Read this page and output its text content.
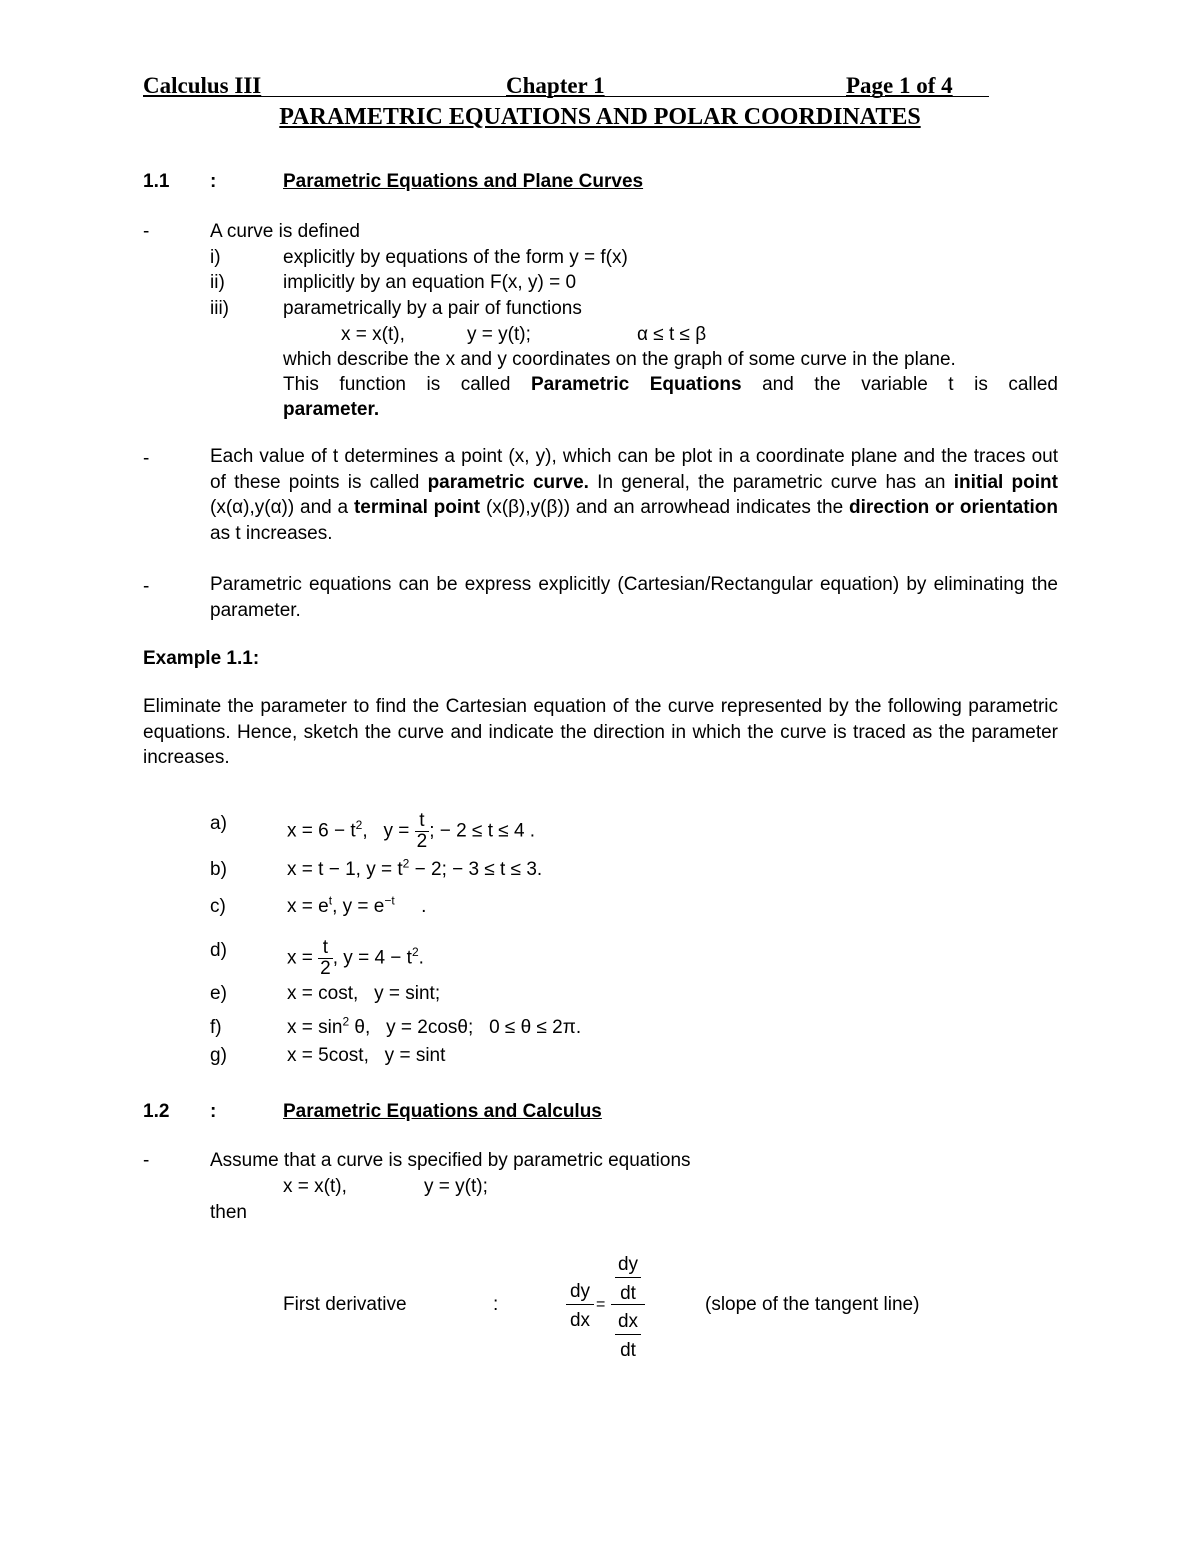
Calculus III	Chapter 1	Page 1 of 4
PARAMETRIC EQUATIONS AND POLAR COORDINATES
1.1 :	Parametric Equations and Plane Curves
-	A curve is defined
i)	explicitly by equations of the form y = f(x)
ii)	implicitly by an equation F(x, y) = 0
iii)	parametrically by a pair of functions
x = x(t),	y = y(t);	α ≤ t ≤ β
which describe the x and y coordinates on the graph of some curve in the plane.
This function is called Parametric Equations and the variable t is called
parameter.
-	Each value of t determines a point (x, y), which can be plot in a coordinate plane and the traces out of these points is called parametric curve. In general, the parametric curve has an initial point (x(α),y(α)) and a terminal point (x(β),y(β)) and an arrowhead indicates the direction or orientation as t increases.
-	Parametric equations can be express explicitly (Cartesian/Rectangular equation) by eliminating the parameter.
Example 1.1:
Eliminate the parameter to find the Cartesian equation of the curve represented by the following parametric equations. Hence, sketch the curve and indicate the direction in which the curve is traced as the parameter increases.
a)	$x = 6 - t^2$,   $y = \frac{t}{2}$ ; − 2 ≤ t ≤ 4 .
b)	x = t − 1, $y = t^2 - 2$; − 3 ≤ t ≤ 3.
c)	$x = e^t$, $y = e^{-t}$     .
d)	$x = \frac{t}{2}$ , $y = 4 - t^2$.
e)	x = cost,   y = sint;
f)	$x = \sin^2 \theta$,   y = 2cosθ;   0 ≤ θ ≤ 2π.
g)	x = 5cost,   y = sint
1.2 :	Parametric Equations and Calculus
-	Assume that a curve is specified by parametric equations
x = x(t),	y = y(t);
then
First derivative	:
dy
dx
=
dy
dt
dx
dt
(slope of the tangent line)
